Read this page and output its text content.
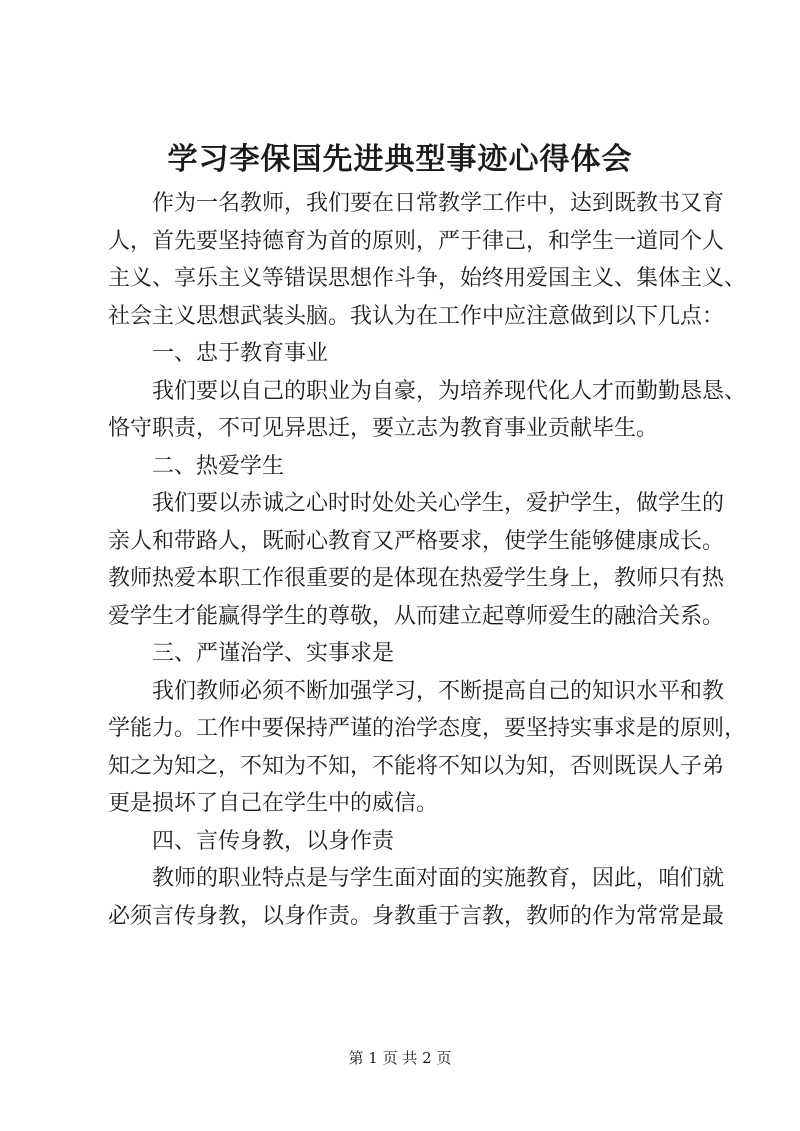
学习李保国先进典型事迹心得体会
作为一名教师，我们要在日常教学工作中，达到既教书又育
人，首先要坚持德育为首的原则，严于律己，和学生一道同个人
主义、享乐主义等错误思想作斗争，始终用爱国主义、集体主义、
社会主义思想武装头脑。我认为在工作中应注意做到以下几点：
一、忠于教育事业
我们要以自己的职业为自豪，为培养现代化人才而勤勤恳恳、
恪守职责，不可见异思迁，要立志为教育事业贡献毕生。
二、热爱学生
我们要以赤诚之心时时处处关心学生，爱护学生，做学生的
亲人和带路人，既耐心教育又严格要求，使学生能够健康成长。
教师热爱本职工作很重要的是体现在热爱学生身上，教师只有热
爱学生才能赢得学生的尊敬，从而建立起尊师爱生的融洽关系。
三、严谨治学、实事求是
我们教师必须不断加强学习，不断提高自己的知识水平和教
学能力。工作中要保持严谨的治学态度，要坚持实事求是的原则，
知之为知之，不知为不知，不能将不知以为知，否则既误人子弟
更是损坏了自己在学生中的威信。
四、言传身教，以身作责
教师的职业特点是与学生面对面的实施教育，因此，咱们就
必须言传身教，以身作责。身教重于言教，教师的作为常常是最
第 1 页 共 2 页
